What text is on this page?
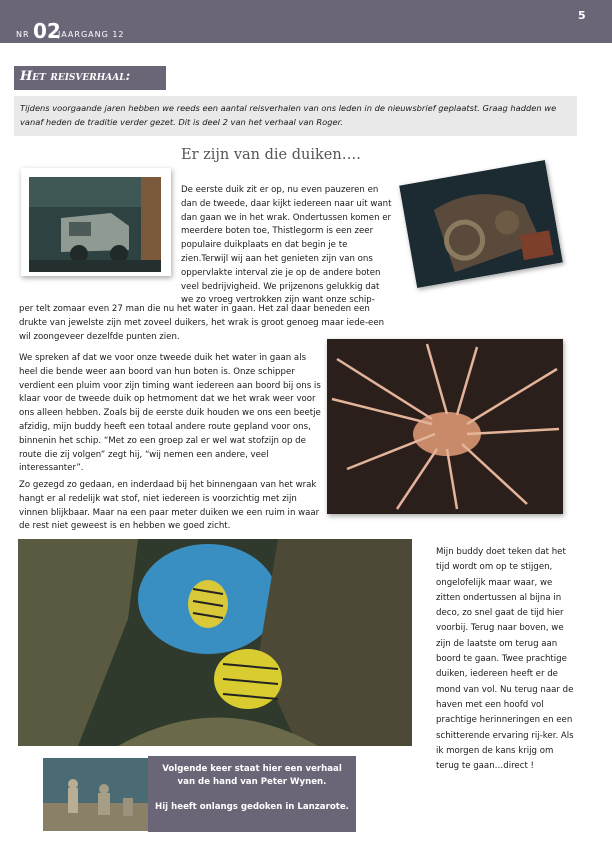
NR 02
JAARGANG 12
5
Het reisverhaal:
Tijdens voorgaande jaren hebben we reeds een aantal reisverhalen van ons leden in de nieuwsbrief geplaatst. Graag hadden we vanaf heden de traditie verder gezet. Dit is deel 2 van het verhaal van Roger.
Er zijn van die duiken….
De eerste duik zit er op, nu even pauzeren en dan de tweede, daar kijkt iedereen naar uit want dan gaan we in het wrak. Ondertussen komen er meerdere boten toe, Thistlegorm is een zeer populaire duikplaats en dat begin je te zien.Terwijl wij aan het genieten zijn van ons oppervlakte interval zie je op de andere boten veel bedrijvigheid. We prijzenons gelukkig dat we zo vroeg vertrokken zijn want onze schip-
per telt zomaar even 27 man die nu het water in gaan. Het zal daar beneden een drukte van jewelste zijn met zoveel duikers, het wrak is groot genoeg maar iede-een wil zoongeveer dezelfde punten zien.
We spreken af dat we voor onze tweede duik het water in gaan als heel die bende weer aan boord van hun boten is. Onze schipper verdient een pluim voor zijn timing want iedereen aan boord bij ons is klaar voor de tweede duik op hetmoment dat we het wrak weer voor ons alleen hebben. Zoals bij de eerste duik houden we ons een beetje afzidig, mijn buddy heeft een totaal andere route gepland voor ons, binnenin het schip. “Met zo een groep zal er wel wat stofzijn op de route die zij volgen” zegt hij, “wij nemen een andere, veel interessanter”.
Zo gezegd zo gedaan, en inderdaad bij het binnengaan van het wrak hangt er al redelijk wat stof, niet iedereen is voorzichtig met zijn vinnen blijkbaar. Maar na een paar meter duiken we een ruim in waar de rest niet geweest is en hebben we goed zicht.
Mijn buddy doet teken dat het tijd wordt om op te stijgen, ongelofelijk maar waar, we zitten ondertussen al bijna in deco, zo snel gaat de tijd hier voorbij. Terug naar boven, we zijn de laatste om terug aan boord te gaan. Twee prachtige duiken, iedereen heeft er de mond van vol. Nu terug naar de haven met een hoofd vol prachtige herinneringen en een schitterende ervaring rij-ker. Als ik morgen de kans krijg om terug te gaan…direct !
Volgende keer staat hier een verhaal van de hand van Peter Wynen.
Hij heeft onlangs gedoken in Lanzarote.
